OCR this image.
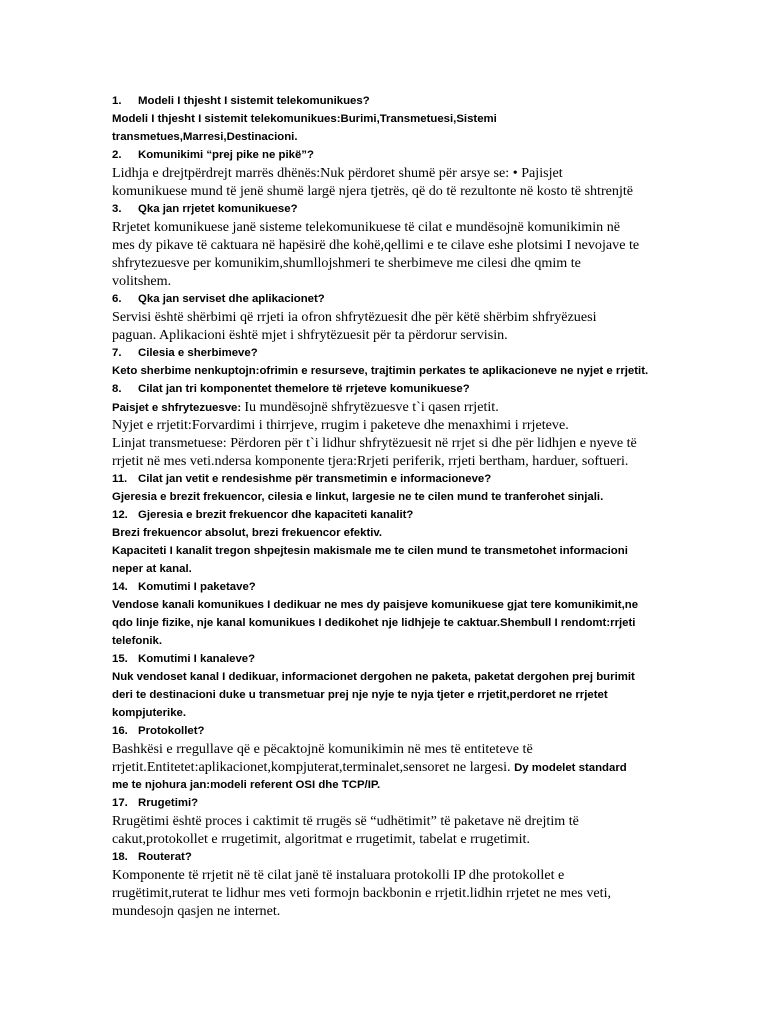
1. Modeli I thjesht I sistemit telekomunikues?
Modeli I thjesht I sistemit telekomunikues:Burimi,Transmetuesi,Sistemi
transmetues,Marresi,Destinacioni.
2. Komunikimi “prej pike ne pikë”?
Lidhja e drejtpërdrejt marrës dhënës:Nuk përdoret shumë për arsye se: • Pajisjet
komunikuese mund të jenë shumë largë njera tjetrës, që do të rezultonte në kosto të shtrenjtë
3. Qka jan rrjetet komunikuese?
Rrjetet komunikuese janë sisteme telekomunikuese të cilat e mundësojnë komunikimin në
mes dy pikave të caktuara në hapësirë dhe kohë,qellimi e te cilave eshe plotsimi I nevojave te
shfrytezuesve per komunikim,shumllojshmeri te sherbimeve me cilesi dhe qmim te
volitshem.
6. Qka jan serviset dhe aplikacionet?
Servisi është shërbimi që rrjeti ia ofron shfrytëzuesit dhe për këtë shërbim shfryëzuesi
paguan. Aplikacioni është mjet i shfrytëzuesit për ta përdorur servisin.
7. Cilesia e sherbimeve?
Keto sherbime nenkuptojn:ofrimin e resurseve, trajtimin perkates te aplikacioneve ne nyjet e rrjetit.
8. Cilat jan tri komponentet themelore të rrjeteve komunikuese?
Paisjet e shfrytezuesve: Iu mundësojnë shfrytëzuesve t`i qasen rrjetit.
Nyjet e rrjetit:Forvardimi i thirrjeve, rrugim i paketeve dhe menaxhimi i rrjeteve.
Linjat transmetuese: Përdoren për t`i lidhur shfrytëzuesit në rrjet si dhe për lidhjen e nyeve të
rrjetit në mes veti.ndersa komponente tjera:Rrjeti periferik, rrjeti bertham, harduer, softueri.
11. Cilat jan vetit e rendesishme për transmetimin e informacioneve?
Gjeresia e brezit frekuencor, cilesia e linkut, largesie ne te cilen mund te tranferohet sinjali.
12. Gjeresia e brezit frekuencor dhe kapaciteti kanalit?
Brezi frekuencor absolut, brezi frekuencor efektiv.
Kapaciteti I kanalit tregon shpejtesin makismale me te cilen mund te transmetohet informacioni
neper at kanal.
14. Komutimi I paketave?
Vendose kanali komunikues I dedikuar ne mes dy paisjeve komunikuese gjat tere komunikimit,ne
qdo linje fizike, nje kanal komunikues I dedikohet nje lidhjeje te caktuar.Shembull I rendomt:rrjeti
telefonik.
15. Komutimi I kanaleve?
Nuk vendoset kanal I dedikuar, informacionet dergohen ne paketa, paketat dergohen prej burimit
deri te destinacioni duke u transmetuar prej nje nyje te nyja tjeter e rrjetit,perdoret ne rrjetet
kompjuterike.
16. Protokollet?
Bashkësi e rregullave që e pëcaktojnë komunikimin në mes të entiteteve të
rrjetit.Entitetet:aplikacionet,kompjuterat,terminalet,sensoret ne largesi. Dy modelet standard
me te njohura jan:modeli referent OSI dhe TCP/IP.
17. Rrugetimi?
Rrugëtimi është proces i caktimit të rrugës së “udhëtimit” të paketave në drejtim të
cakut,protokollet e rrugetimit, algoritmat e rrugetimit, tabelat e rrugetimit.
18. Routerat?
Komponente të rrjetit në të cilat janë të instaluara protokolli IP dhe protokollet e
rrugëtimit,ruterat te lidhur mes veti formojn backbonin e rrjetit.lidhin rrjetet ne mes veti,
mundesojn qasjen ne internet.
